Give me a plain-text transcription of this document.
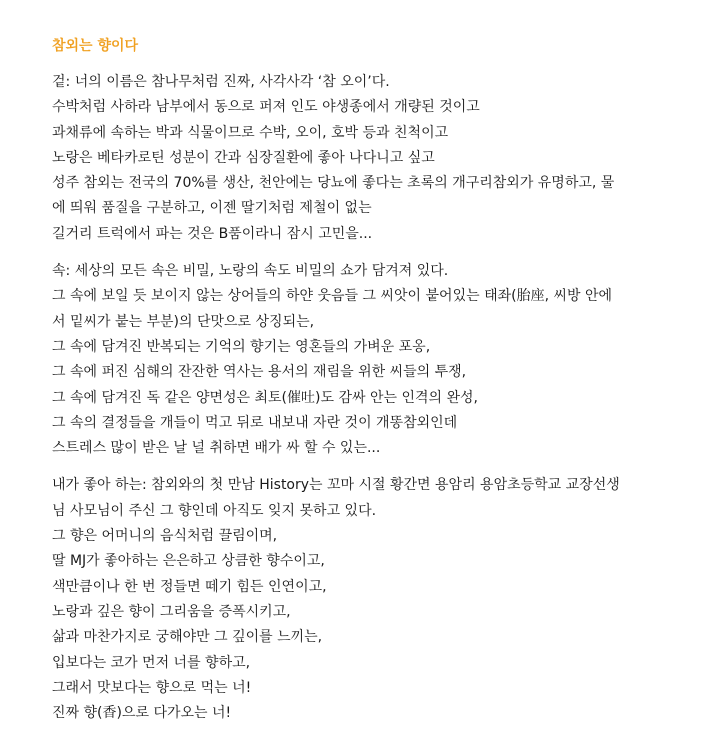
참외는 향이다
겉: 너의 이름은 참나무처럼 진짜, 사각사각 ‘참 오이’다.
수박처럼 사하라 남부에서 동으로 퍼져 인도 야생종에서 개량된 것이고
과채류에 속하는 박과 식물이므로 수박, 오이, 호박 등과 친척이고
노랑은 베타카로틴 성분이 간과 심장질환에 좋아 나다니고 싶고
성주 참외는 전국의 70%를 생산, 천안에는 당뇨에 좋다는 초록의 개구리참외가 유명하고, 물
에 띄워 품질을 구분하고, 이젠 딸기처럼 제철이 없는
길거리 트럭에서 파는 것은 B품이라니 잠시 고민을...
속: 세상의 모든 속은 비밀, 노랑의 속도 비밀의 쇼가 담겨져 있다.
그 속에 보일 듯 보이지 않는 상어들의 하얀 웃음들 그 씨앗이 붙어있는 태좌(胎座, 씨방 안에
서 밑씨가 붙는 부분)의 단맛으로 상징되는,
그 속에 담겨진 반복되는 기억의 향기는 영혼들의 가벼운 포옹,
그 속에 퍼진 심해의 잔잔한 역사는 용서의 재림을 위한 씨들의 투쟁,
그 속에 담겨진 독 같은 양면성은 최토(催吐)도 감싸 안는 인격의 완성,
그 속의 결정들을 개들이 먹고 뒤로 내보내 자란 것이 개똥참외인데
스트레스 많이 받은 날 널 취하면 배가 싸 할 수 있는...
내가 좋아 하는: 참외와의 첫 만남 History는 꼬마 시절 황간면 용암리 용암초등학교 교장선생
님 사모님이 주신 그 향인데 아직도 잊지 못하고 있다.
그 향은 어머니의 음식처럼 끌림이며,
딸 MJ가 좋아하는 은은하고 상큼한 향수이고,
색만큼이나 한 번 정들면 떼기 힘든 인연이고,
노랑과 깊은 향이 그리움을 증폭시키고,
삶과 마찬가지로 궁해야만 그 깊이를 느끼는,
입보다는 코가 먼저 너를 향하고,
그래서 맛보다는 향으로 먹는 너!
진짜 향(香)으로 다가오는 너!
